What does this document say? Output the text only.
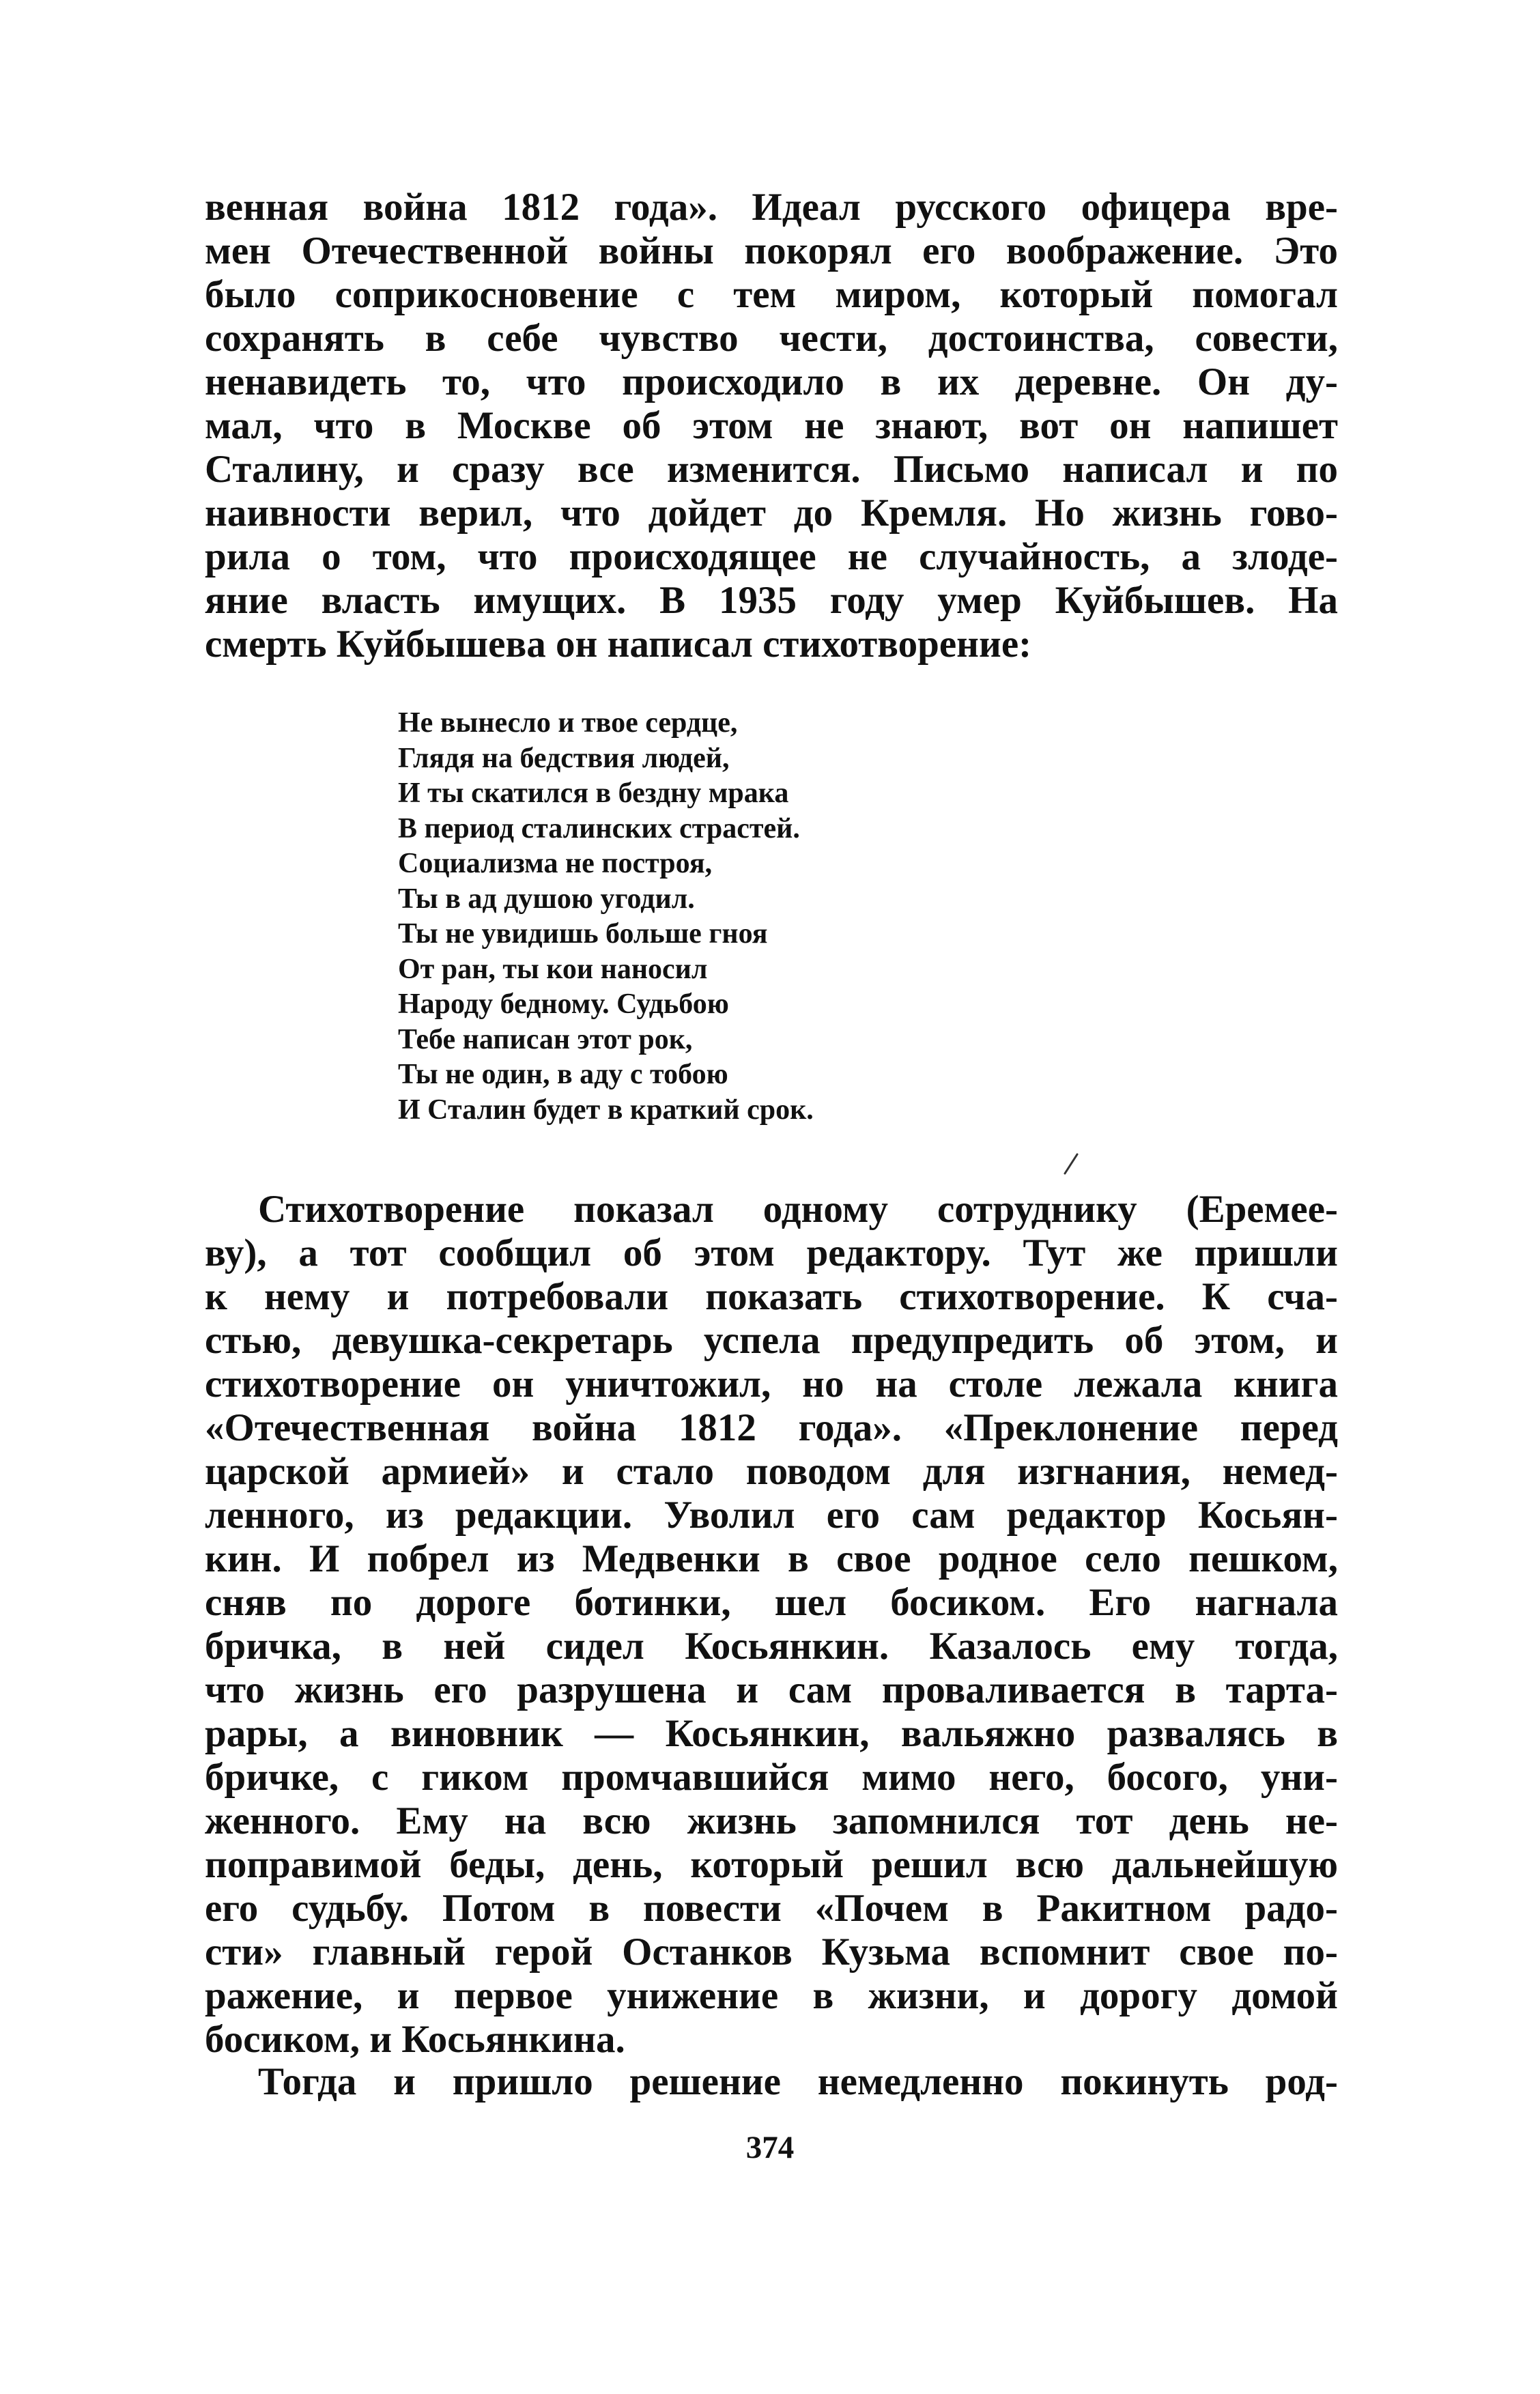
венная война 1812 года». Идеал русского офицера вре-
мен Отечественной войны покорял его воображение. Это
было соприкосновение с тем миром, который помогал
сохранять в себе чувство чести, достоинства, совести,
ненавидеть то, что происходило в их деревне. Он ду-
мал, что в Москве об этом не знают, вот он напишет
Сталину, и сразу все изменится. Письмо написал и по
наивности верил, что дойдет до Кремля. Но жизнь гово-
рила о том, что происходящее не случайность, а злоде-
яние власть имущих. В 1935 году умер Куйбышев. На
смерть Куйбышева он написал стихотворение:
Не вынесло и твое сердце,
Глядя на бедствия людей,
И ты скатился в бездну мрака
В период сталинских страстей.
Социализма не построя,
Ты в ад душою угодил.
Ты не увидишь больше гноя
От ран, ты кои наносил
Народу бедному. Судьбою
Тебе написан этот рок,
Ты не один, в аду с тобою
И Сталин будет в краткий срок.
Стихотворение показал одному сотруднику (Еремее-
ву), а тот сообщил об этом редактору. Тут же пришли
к нему и потребовали показать стихотворение. К сча-
стью, девушка-секретарь успела предупредить об этом, и
стихотворение он уничтожил, но на столе лежала книга
«Отечественная война 1812 года». «Преклонение перед
царской армией» и стало поводом для изгнания, немед-
ленного, из редакции. Уволил его сам редактор Косьян-
кин. И побрел из Медвенки в свое родное село пешком,
сняв по дороге ботинки, шел босиком. Его нагнала
бричка, в ней сидел Косьянкин. Казалось ему тогда,
что жизнь его разрушена и сам проваливается в тарта-
рары, а виновник — Косьянкин, вальяжно развалясь в
бричке, с гиком промчавшийся мимо него, босого, уни-
женного. Ему на всю жизнь запомнился тот день не-
поправимой беды, день, который решил всю дальнейшую
его судьбу. Потом в повести «Почем в Ракитном радо-
сти» главный герой Останков Кузьма вспомнит свое по-
ражение, и первое унижение в жизни, и дорогу домой
босиком, и Косьянкина.
Тогда и пришло решение немедленно покинуть род-
374
